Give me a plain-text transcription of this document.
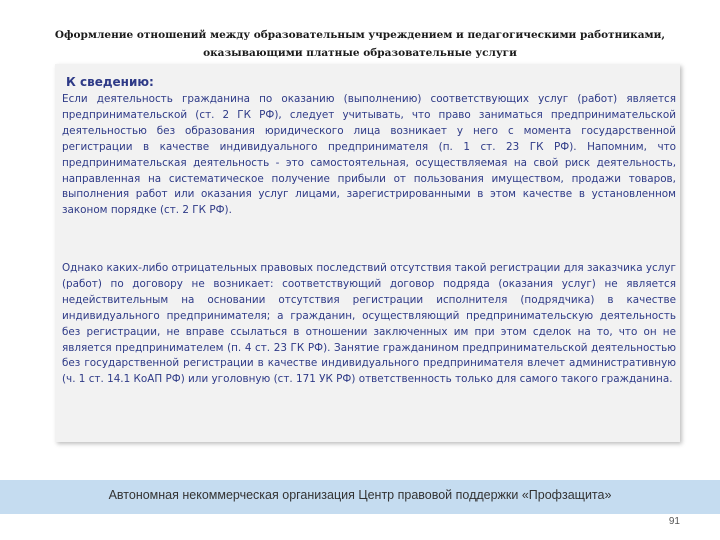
Оформление отношений между образовательным учреждением и педагогическими работниками, оказывающими платные образовательные услуги
К сведению:

Если деятельность гражданина по оказанию (выполнению) соответствующих услуг (работ) является предпринимательской (ст. 2 ГК РФ), следует учитывать, что право заниматься предпринимательской деятельностью без образования юридического лица возникает у него с момента государственной регистрации в качестве индивидуального предпринимателя (п. 1 ст. 23 ГК РФ). Напомним, что предпринимательская деятельность - это самостоятельная, осуществляемая на свой риск деятельность, направленная на систематическое получение прибыли от пользования имуществом, продажи товаров, выполнения работ или оказания услуг лицами, зарегистрированными в этом качестве в установленном законом порядке (ст. 2 ГК РФ).

Однако каких-либо отрицательных правовых последствий отсутствия такой регистрации для заказчика услуг (работ) по договору не возникает: соответствующий договор подряда (оказания услуг) не является недействительным на основании отсутствия регистрации исполнителя (подрядчика) в качестве индивидуального предпринимателя; а гражданин, осуществляющий предпринимательскую деятельность без регистрации, не вправе ссылаться в отношении заключенных им при этом сделок на то, что он не является предпринимателем (п. 4 ст. 23 ГК РФ). Занятие гражданином предпринимательской деятельностью без государственной регистрации в качестве индивидуального предпринимателя влечет административную (ч. 1 ст. 14.1 КоАП РФ) или уголовную (ст. 171 УК РФ) ответственность только для самого такого гражданина.

Автономная некоммерческая организация Центр правовой поддержки «Профзащита»
91
